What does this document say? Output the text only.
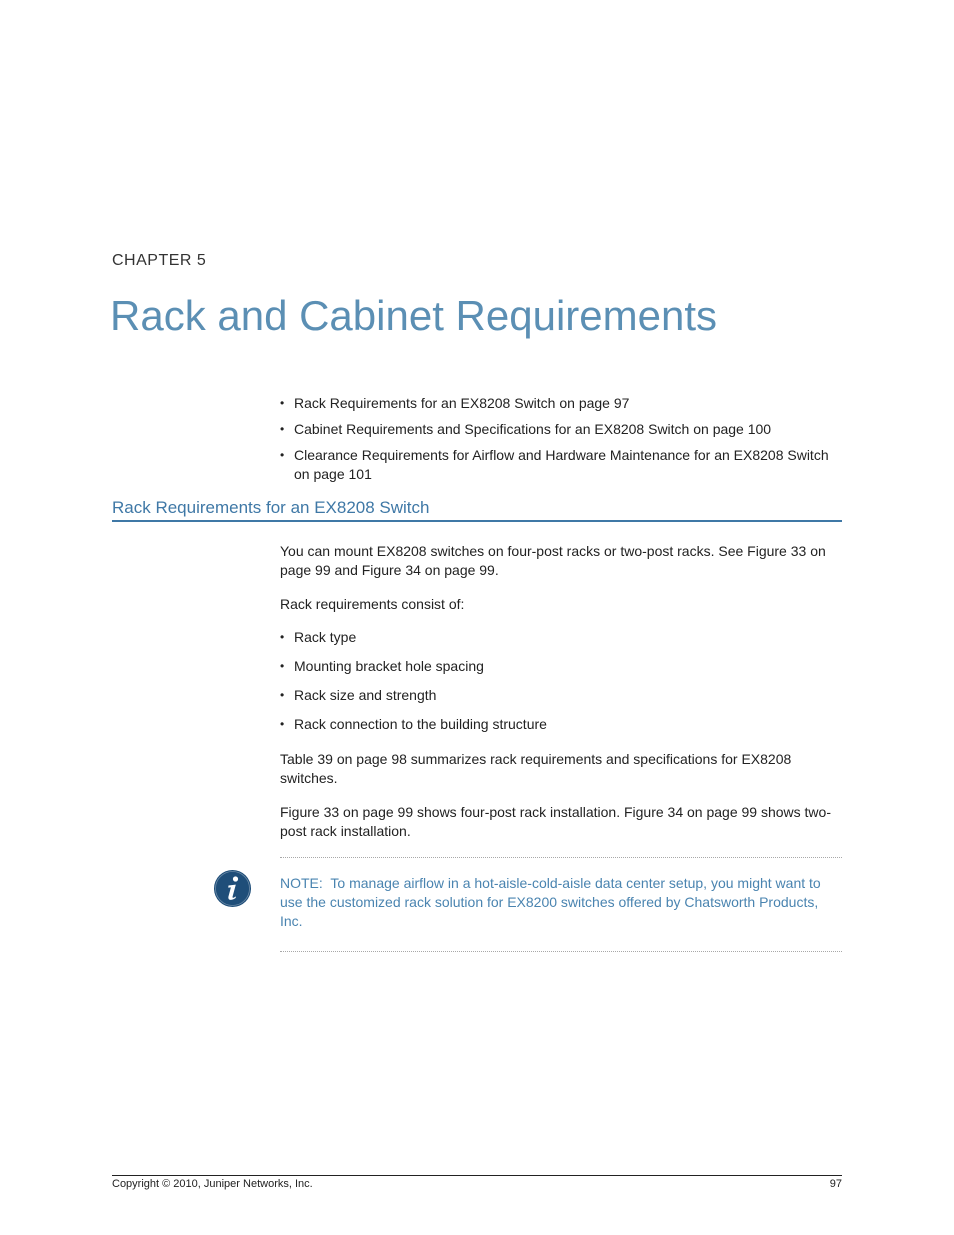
CHAPTER 5
Rack and Cabinet Requirements
• Rack Requirements for an EX8208 Switch on page 97
• Cabinet Requirements and Specifications for an EX8208 Switch on page 100
• Clearance Requirements for Airflow and Hardware Maintenance for an EX8208 Switch on page 101
Rack Requirements for an EX8208 Switch

You can mount EX8208 switches on four-post racks or two-post racks. See Figure 33 on page 99 and Figure 34 on page 99.

Rack requirements consist of:

• Rack type
• Mounting bracket hole spacing
• Rack size and strength
• Rack connection to the building structure

Table 39 on page 98 summarizes rack requirements and specifications for EX8208 switches.

Figure 33 on page 99 shows four-post rack installation. Figure 34 on page 99 shows two-post rack installation.

NOTE: To manage airflow in a hot-aisle-cold-aisle data center setup, you might want to use the customized rack solution for EX8200 switches offered by Chatsworth Products, Inc.

Copyright © 2010, Juniper Networks, Inc.	97
